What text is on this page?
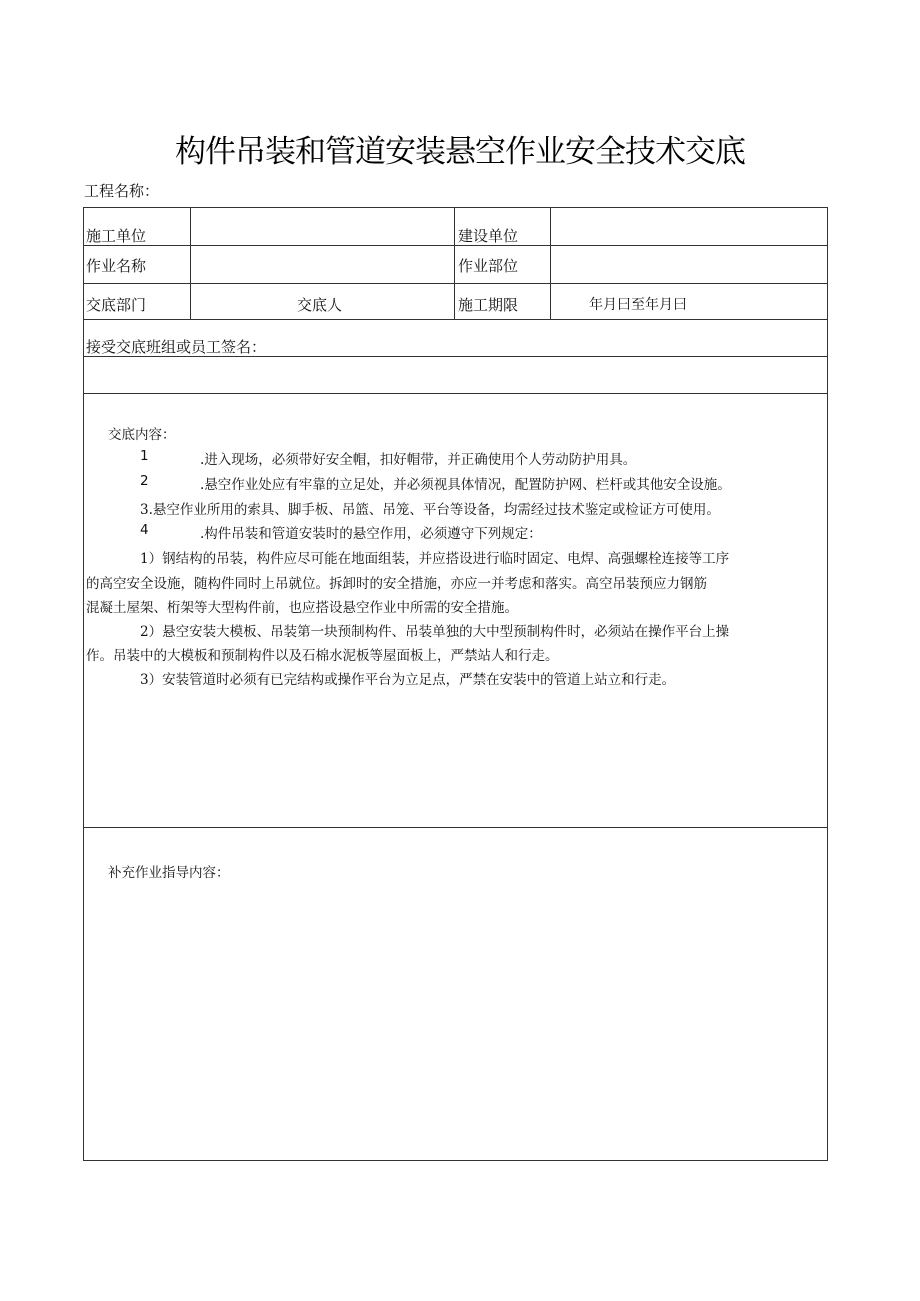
构件吊装和管道安装悬空作业安全技术交底
工程名称：
施工单位	建设单位
作业名称	作业部位
交底部门	交底人	施工期限	年月曰至年月曰
接受交底班组或员工签名：
交底内容：
1	.进入现场，必须带好安全帽，扣好帽带，并正确使用个人劳动防护用具。
2	.悬空作业处应有牢靠的立足处，并必须视具体情况，配置防护网、栏杆或其他安全设施。
3.悬空作业所用的索具、脚手板、吊篮、吊笼、平台等设备，均需经过技术鉴定或检证方可使用。
4	.构件吊装和管道安装时的悬空作用，必须遵守下列规定：
1）钢结构的吊装，构件应尽可能在地面组装，并应搭设进行临时固定、电焊、高强螺栓连接等工序
的高空安全设施，随构件同时上吊就位。拆卸时的安全措施，亦应一并考虑和落实。高空吊装预应力钢筋
混凝土屋架、桁架等大型构件前，也应搭设悬空作业中所需的安全措施。
2）悬空安装大模板、吊装第一块预制构件、吊装单独的大中型预制构件时，必须站在操作平台上操
作。吊装中的大模板和预制构件以及石棉水泥板等屋面板上，严禁站人和行走。
3）安装管道时必须有已完结构或操作平台为立足点，严禁在安装中的管道上站立和行走。
补充作业指导内容：
